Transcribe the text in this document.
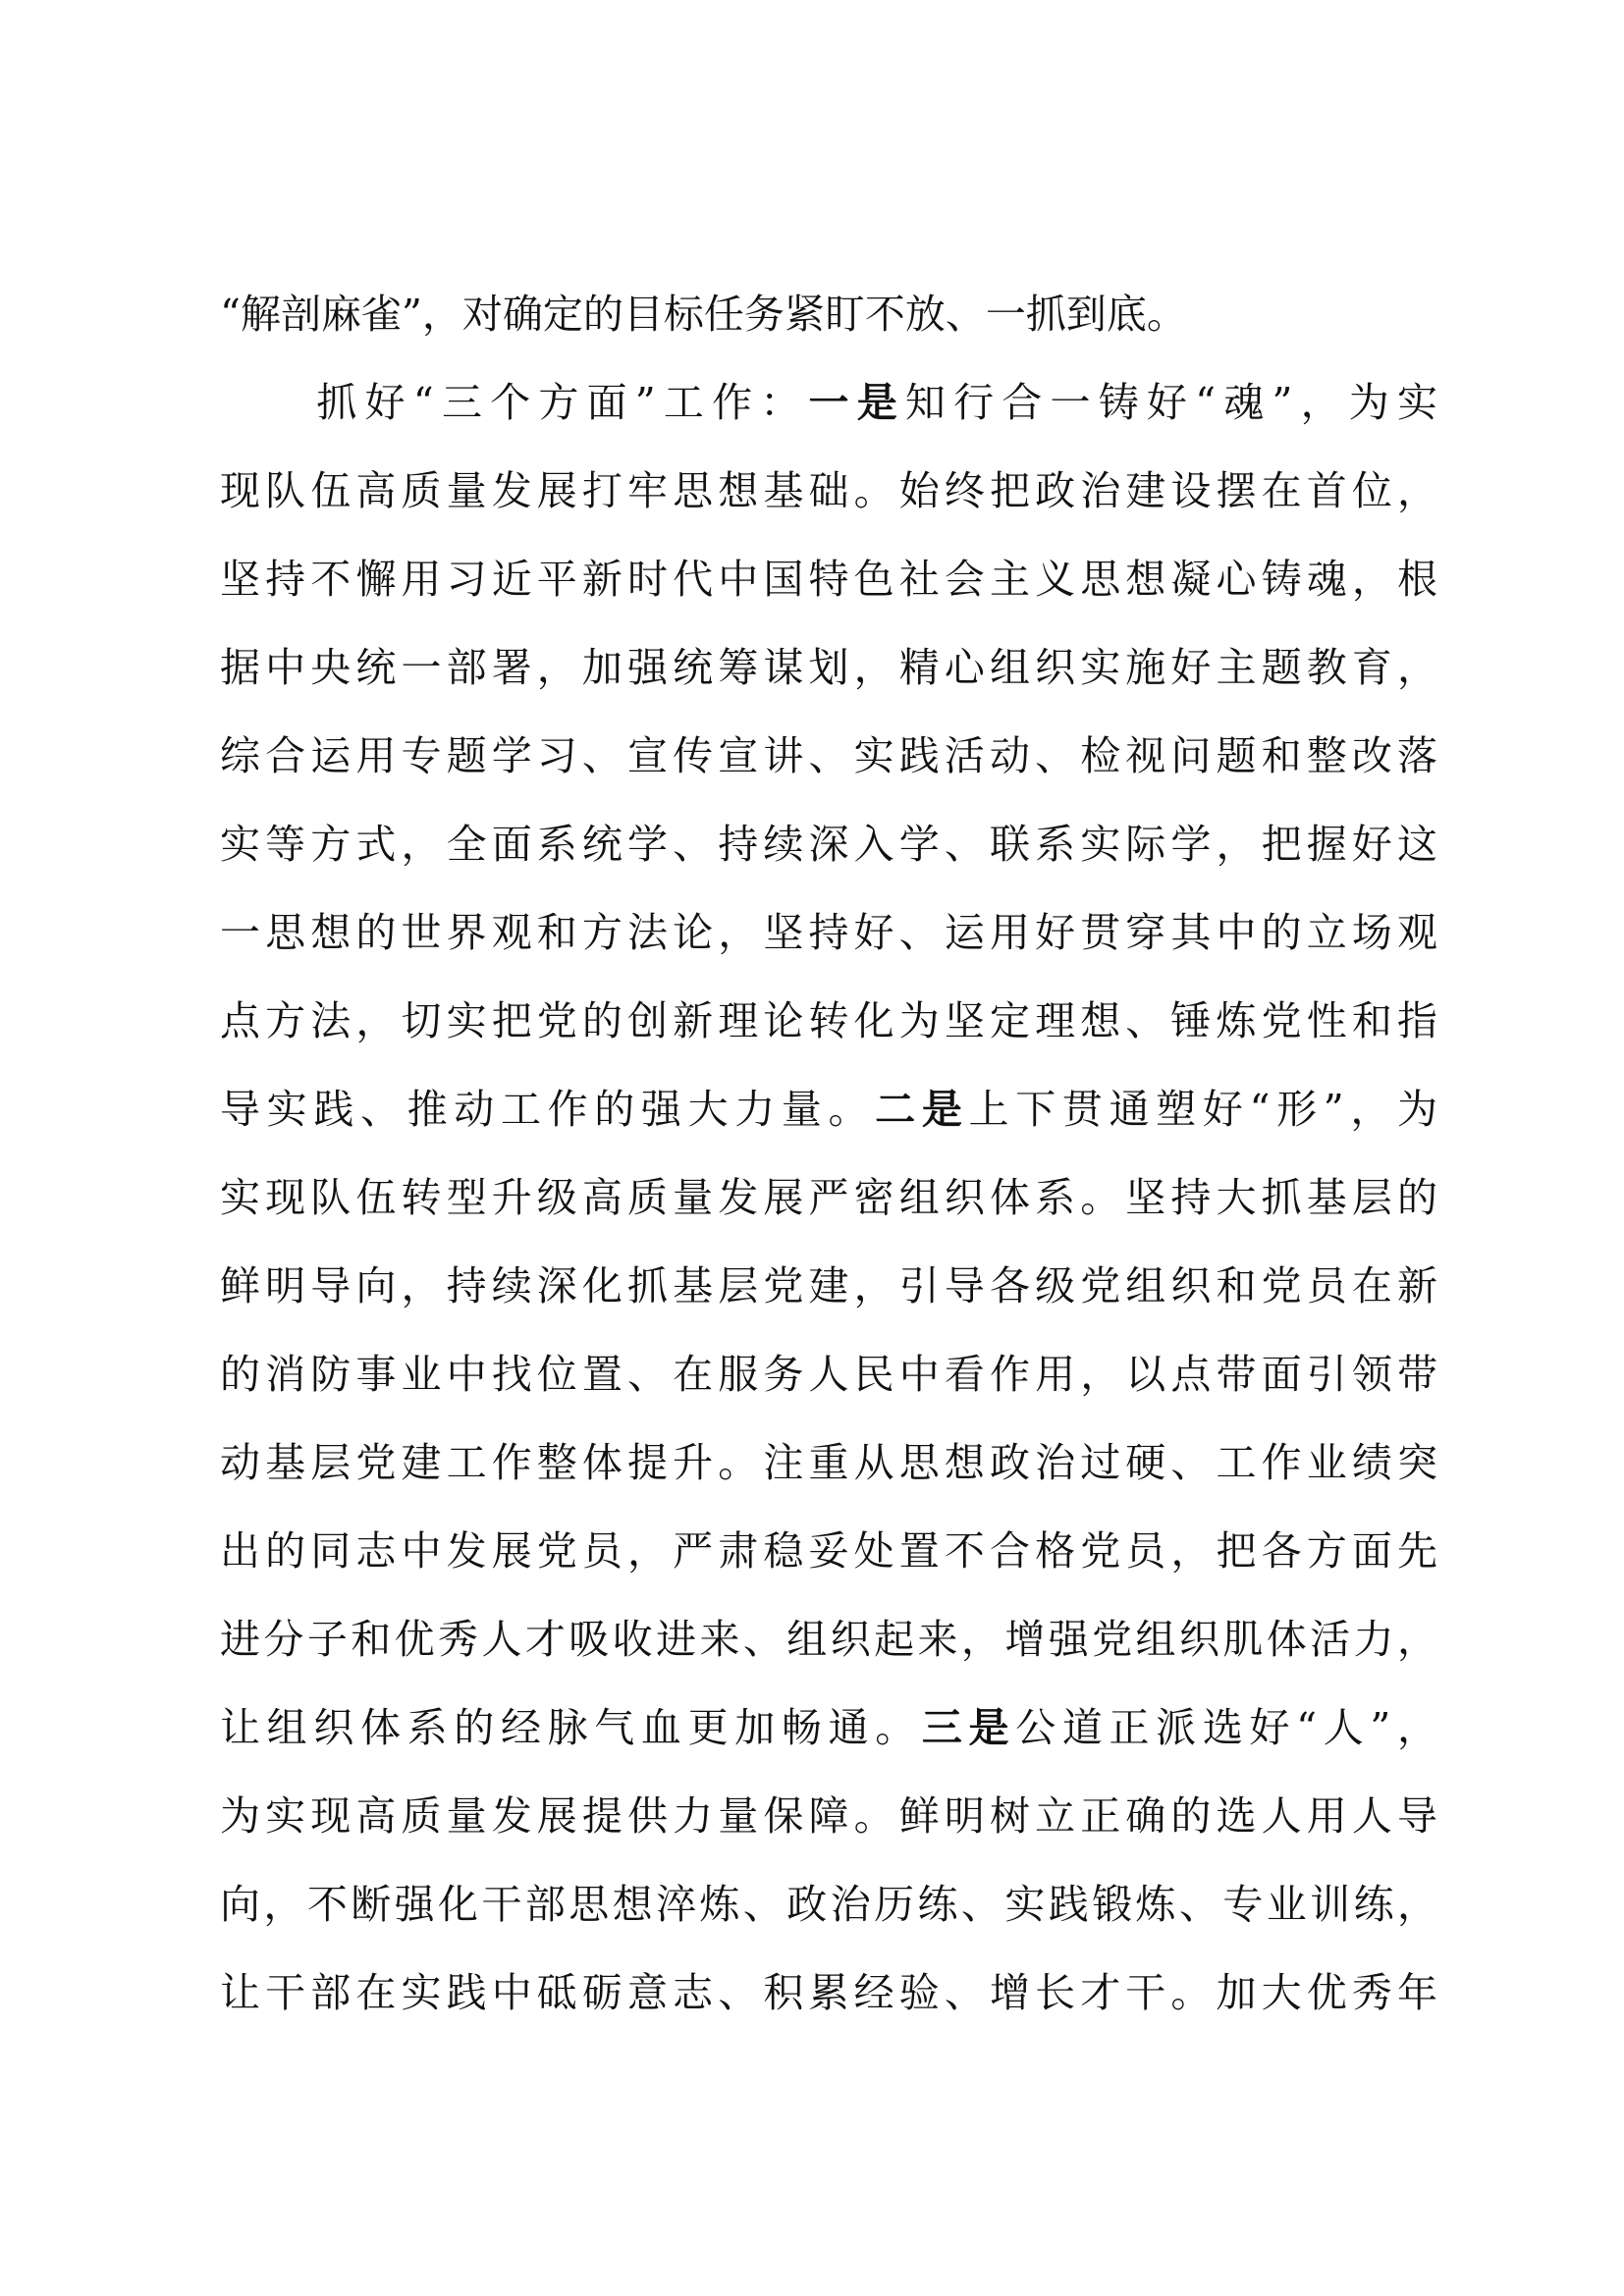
“解剖麻雀”，对确定的目标任务紧盯不放、一抓到底。
　　抓好“三个方面”工作：一是知行合一铸好“魂”，为实
现队伍高质量发展打牢思想基础。始终把政治建设摆在首位，
坚持不懈用习近平新时代中国特色社会主义思想凝心铸魂，根
据中央统一部署，加强统筹谋划，精心组织实施好主题教育，
综合运用专题学习、宣传宣讲、实践活动、检视问题和整改落
实等方式，全面系统学、持续深入学、联系实际学，把握好这
一思想的世界观和方法论，坚持好、运用好贯穿其中的立场观
点方法，切实把党的创新理论转化为坚定理想、锤炼党性和指
导实践、推动工作的强大力量。二是上下贯通塑好“形”，为
实现队伍转型升级高质量发展严密组织体系。坚持大抓基层的
鲜明导向，持续深化抓基层党建，引导各级党组织和党员在新
的消防事业中找位置、在服务人民中看作用，以点带面引领带
动基层党建工作整体提升。注重从思想政治过硬、工作业绩突
出的同志中发展党员，严肃稳妥处置不合格党员，把各方面先
进分子和优秀人才吸收进来、组织起来，增强党组织肌体活力，
让组织体系的经脉气血更加畅通。三是公道正派选好“人”，
为实现高质量发展提供力量保障。鲜明树立正确的选人用人导
向，不断强化干部思想淬炼、政治历练、实践锻炼、专业训练，
让干部在实践中砥砺意志、积累经验、增长才干。加大优秀年
